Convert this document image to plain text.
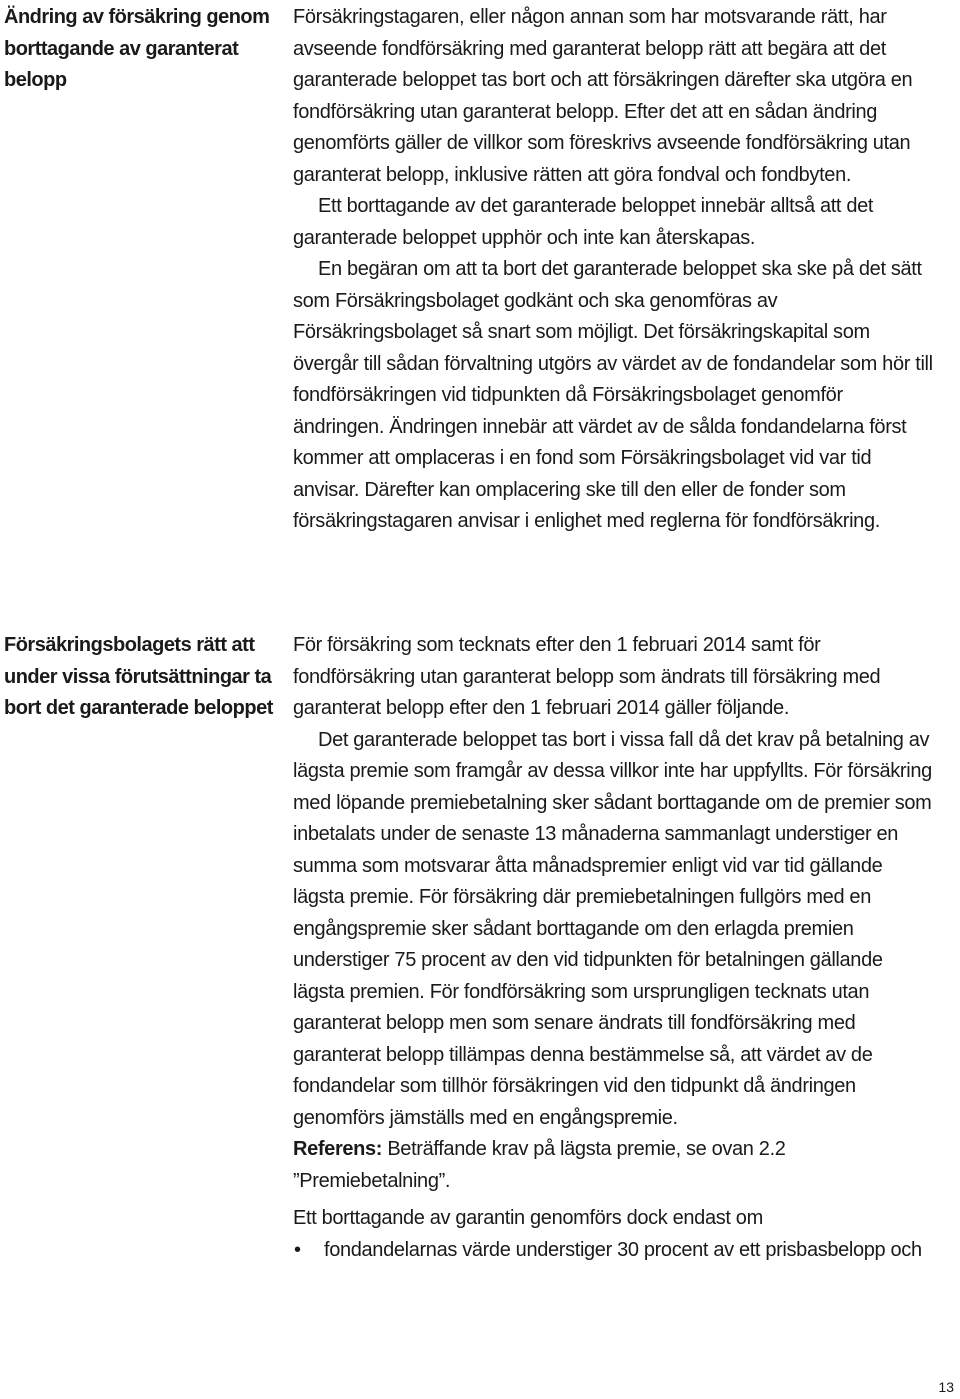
Ändring av försäkring genom borttagande av garanterat belopp

Försäkringstagaren, eller någon annan som har motsvarande rätt, har avseende fondförsäkring med garanterat belopp rätt att begära att det garanterade beloppet tas bort och att försäkringen därefter ska utgöra en fondförsäkring utan garanterat belopp. Efter det att en sådan ändring genomförts gäller de villkor som föreskrivs avseende fondförsäkring utan garanterat belopp, inklusive rätten att göra fondval och fondbyten.

Ett borttagande av det garanterade beloppet innebär alltså att det garanterade beloppet upphör och inte kan återskapas.

En begäran om att ta bort det garanterade beloppet ska ske på det sätt som Försäkringsbolaget godkänt och ska genomföras av Försäkringsbolaget så snart som möjligt. Det försäkringskapital som övergår till sådan förvaltning utgörs av värdet av de fondandelar som hör till fondförsäkringen vid tidpunkten då Försäkringsbolaget genomför ändringen. Ändringen innebär att värdet av de sålda fondandelarna först kommer att omplaceras i en fond som Försäkringsbolaget vid var tid anvisar. Därefter kan omplacering ske till den eller de fonder som försäkringstagaren anvisar i enlighet med reglerna för fondförsäkring.

Försäkringsbolagets rätt att under vissa förutsättningar ta bort det garanterade beloppet

För försäkring som tecknats efter den 1 februari 2014 samt för fondförsäkring utan garanterat belopp som ändrats till försäkring med garanterat belopp efter den 1 februari 2014 gäller följande.

Det garanterade beloppet tas bort i vissa fall då det krav på betalning av lägsta premie som framgår av dessa villkor inte har uppfyllts. För försäkring med löpande premiebetalning sker sådant borttagande om de premier som inbetalats under de senaste 13 månaderna sammanlagt understiger en summa som motsvarar åtta månadspremier enligt vid var tid gällande lägsta premie. För försäkring där premiebetalningen fullgörs med en engångspremie sker sådant borttagande om den erlagda premien understiger 75 procent av den vid tidpunkten för betalningen gällande lägsta premien. För fondförsäkring som ursprungligen tecknats utan garanterat belopp men som senare ändrats till fondförsäkring med garanterat belopp tillämpas denna bestämmelse så, att värdet av de fondandelar som tillhör försäkringen vid den tidpunkt då ändringen genomförs jämställs med en engångspremie.

Referens: Beträffande krav på lägsta premie, se ovan 2.2 ”Premiebetalning”.

Ett borttagande av garantin genomförs dock endast om

• fondandelarnas värde understiger 30 procent av ett prisbasbelopp och
13
